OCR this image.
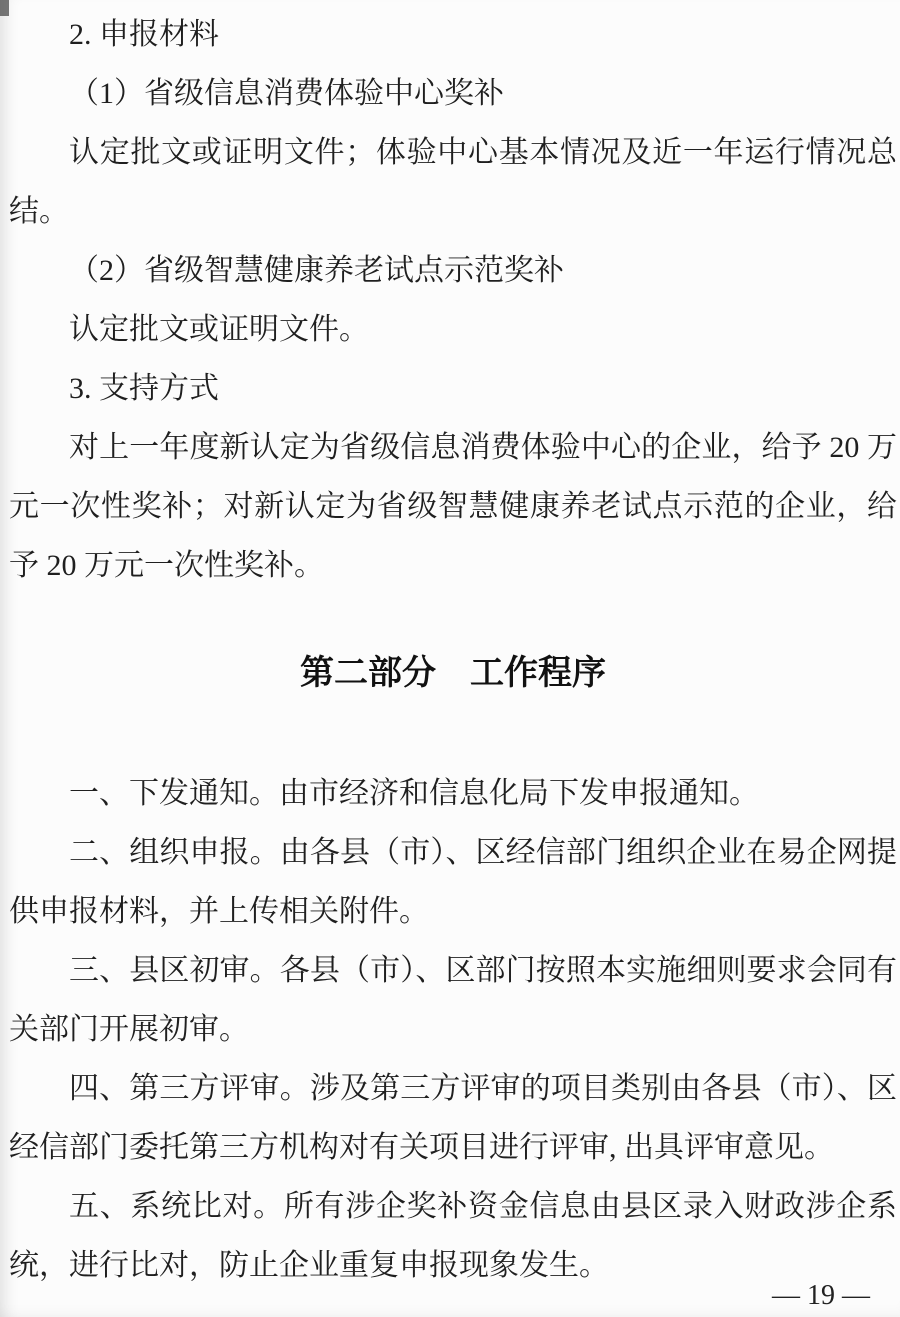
2. 申报材料

（1）省级信息消费体验中心奖补

认定批文或证明文件；体验中心基本情况及近一年运行情况总结。

（2）省级智慧健康养老试点示范奖补

认定批文或证明文件。

3. 支持方式

对上一年度新认定为省级信息消费体验中心的企业，给予 20 万元一次性奖补；对新认定为省级智慧健康养老试点示范的企业，给予 20 万元一次性奖补。

第二部分　工作程序

一、下发通知。由市经济和信息化局下发申报通知。

二、组织申报。由各县（市）、区经信部门组织企业在易企网提供申报材料，并上传相关附件。

三、县区初审。各县（市）、区部门按照本实施细则要求会同有关部门开展初审。

四、第三方评审。涉及第三方评审的项目类别由各县（市）、区经信部门委托第三方机构对有关项目进行评审, 出具评审意见。

五、系统比对。所有涉企奖补资金信息由县区录入财政涉企系统，进行比对，防止企业重复申报现象发生。

— 19 —
